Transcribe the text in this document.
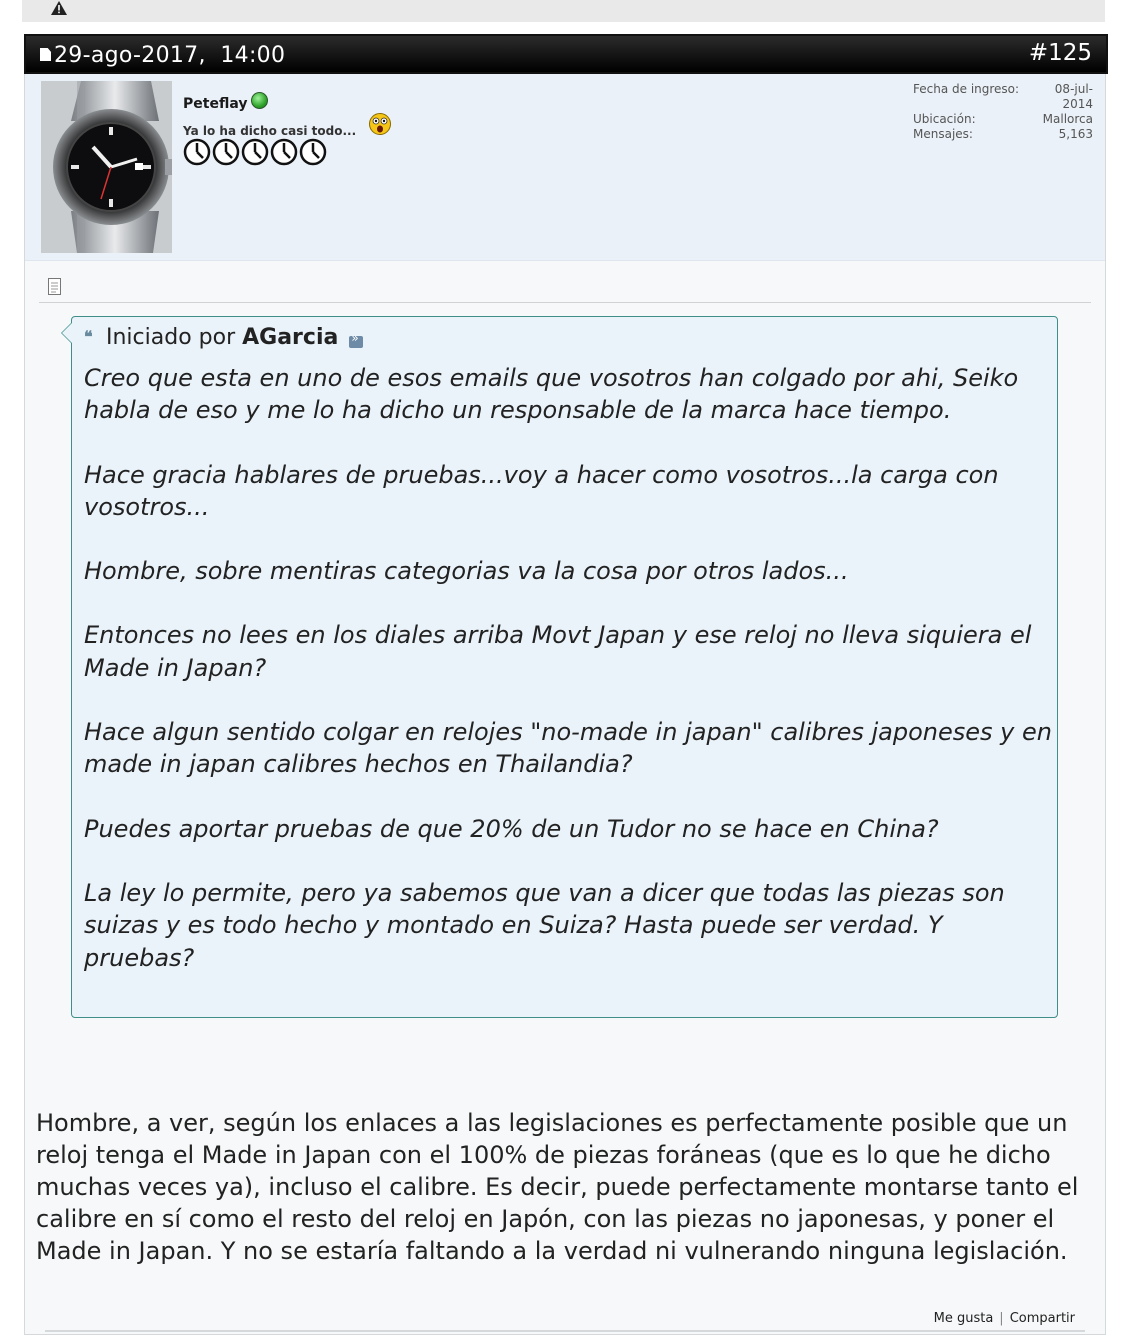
29-ago-2017, 14:00	#125
Peteflay
Ya lo ha dicho casi todo...
Fecha de ingreso:	08-jul-2014
Ubicación:	Mallorca
Mensajes:	5,163
❝ Iniciado por AGarcia »

Creo que esta en uno de esos emails que vosotros han colgado por ahi, Seiko habla de eso y me lo ha dicho un responsable de la marca hace tiempo.

Hace gracia hablares de pruebas...voy a hacer como vosotros...la carga con vosotros...

Hombre, sobre mentiras categorias va la cosa por otros lados...

Entonces no lees en los diales arriba Movt Japan y ese reloj no lleva siquiera el Made in Japan?

Hace algun sentido colgar en relojes "no-made in japan" calibres japoneses y en made in japan calibres hechos en Thailandia?

Puedes aportar pruebas de que 20% de un Tudor no se hace en China?

La ley lo permite, pero ya sabemos que van a dicer que todas las piezas son suizas y es todo hecho y montado en Suiza? Hasta puede ser verdad. Y pruebas?

Hombre, a ver, según los enlaces a las legislaciones es perfectamente posible que un reloj tenga el Made in Japan con el 100% de piezas foráneas (que es lo que he dicho muchas veces ya), incluso el calibre. Es decir, puede perfectamente montarse tanto el calibre en sí como el resto del reloj en Japón, con las piezas no japonesas, y poner el Made in Japan. Y no se estaría faltando a la verdad ni vulnerando ninguna legislación.
Me gusta | Compartir
